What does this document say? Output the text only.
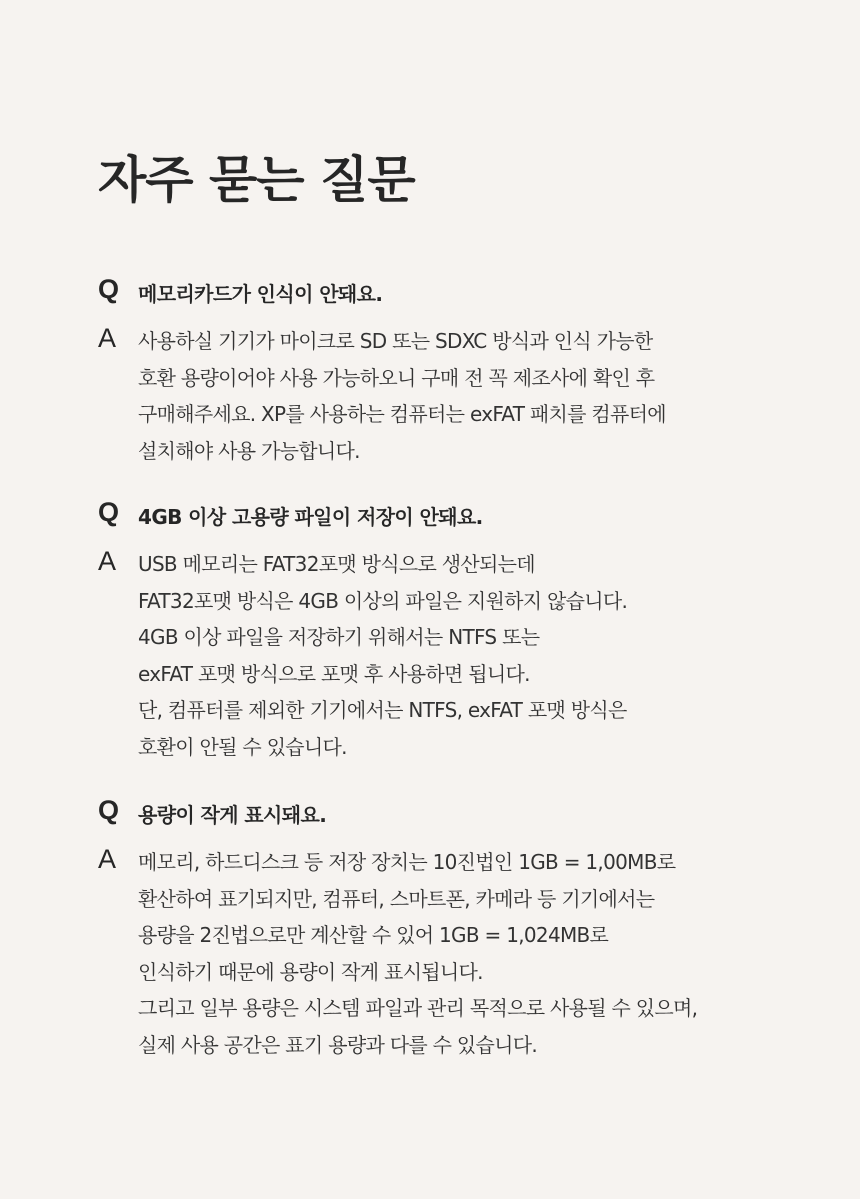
자주 묻는 질문
Q 메모리카드가 인식이 안돼요.
A	사용하실 기기가 마이크로 SD 또는 SDXC 방식과 인식 가능한
호환 용량이어야 사용 가능하오니 구매 전 꼭 제조사에 확인 후
구매해주세요. XP를 사용하는 컴퓨터는 exFAT 패치를 컴퓨터에
설치해야 사용 가능합니다.
Q 4GB 이상 고용량 파일이 저장이 안돼요.
A	USB 메모리는 FAT32포맷 방식으로 생산되는데
FAT32포맷 방식은 4GB 이상의 파일은 지원하지 않습니다.
4GB 이상 파일을 저장하기 위해서는 NTFS 또는
exFAT 포맷 방식으로 포맷 후 사용하면 됩니다.
단, 컴퓨터를 제외한 기기에서는 NTFS, exFAT 포맷 방식은
호환이 안될 수 있습니다.
Q 용량이 작게 표시돼요.
A	메모리, 하드디스크 등 저장 장치는 10진법인 1GB = 1,00MB로
환산하여 표기되지만, 컴퓨터, 스마트폰, 카메라 등 기기에서는
용량을 2진법으로만 계산할 수 있어 1GB = 1,024MB로
인식하기 때문에 용량이 작게 표시됩니다.
그리고 일부 용량은 시스템 파일과 관리 목적으로 사용될 수 있으며,
실제 사용 공간은 표기 용량과 다를 수 있습니다.
